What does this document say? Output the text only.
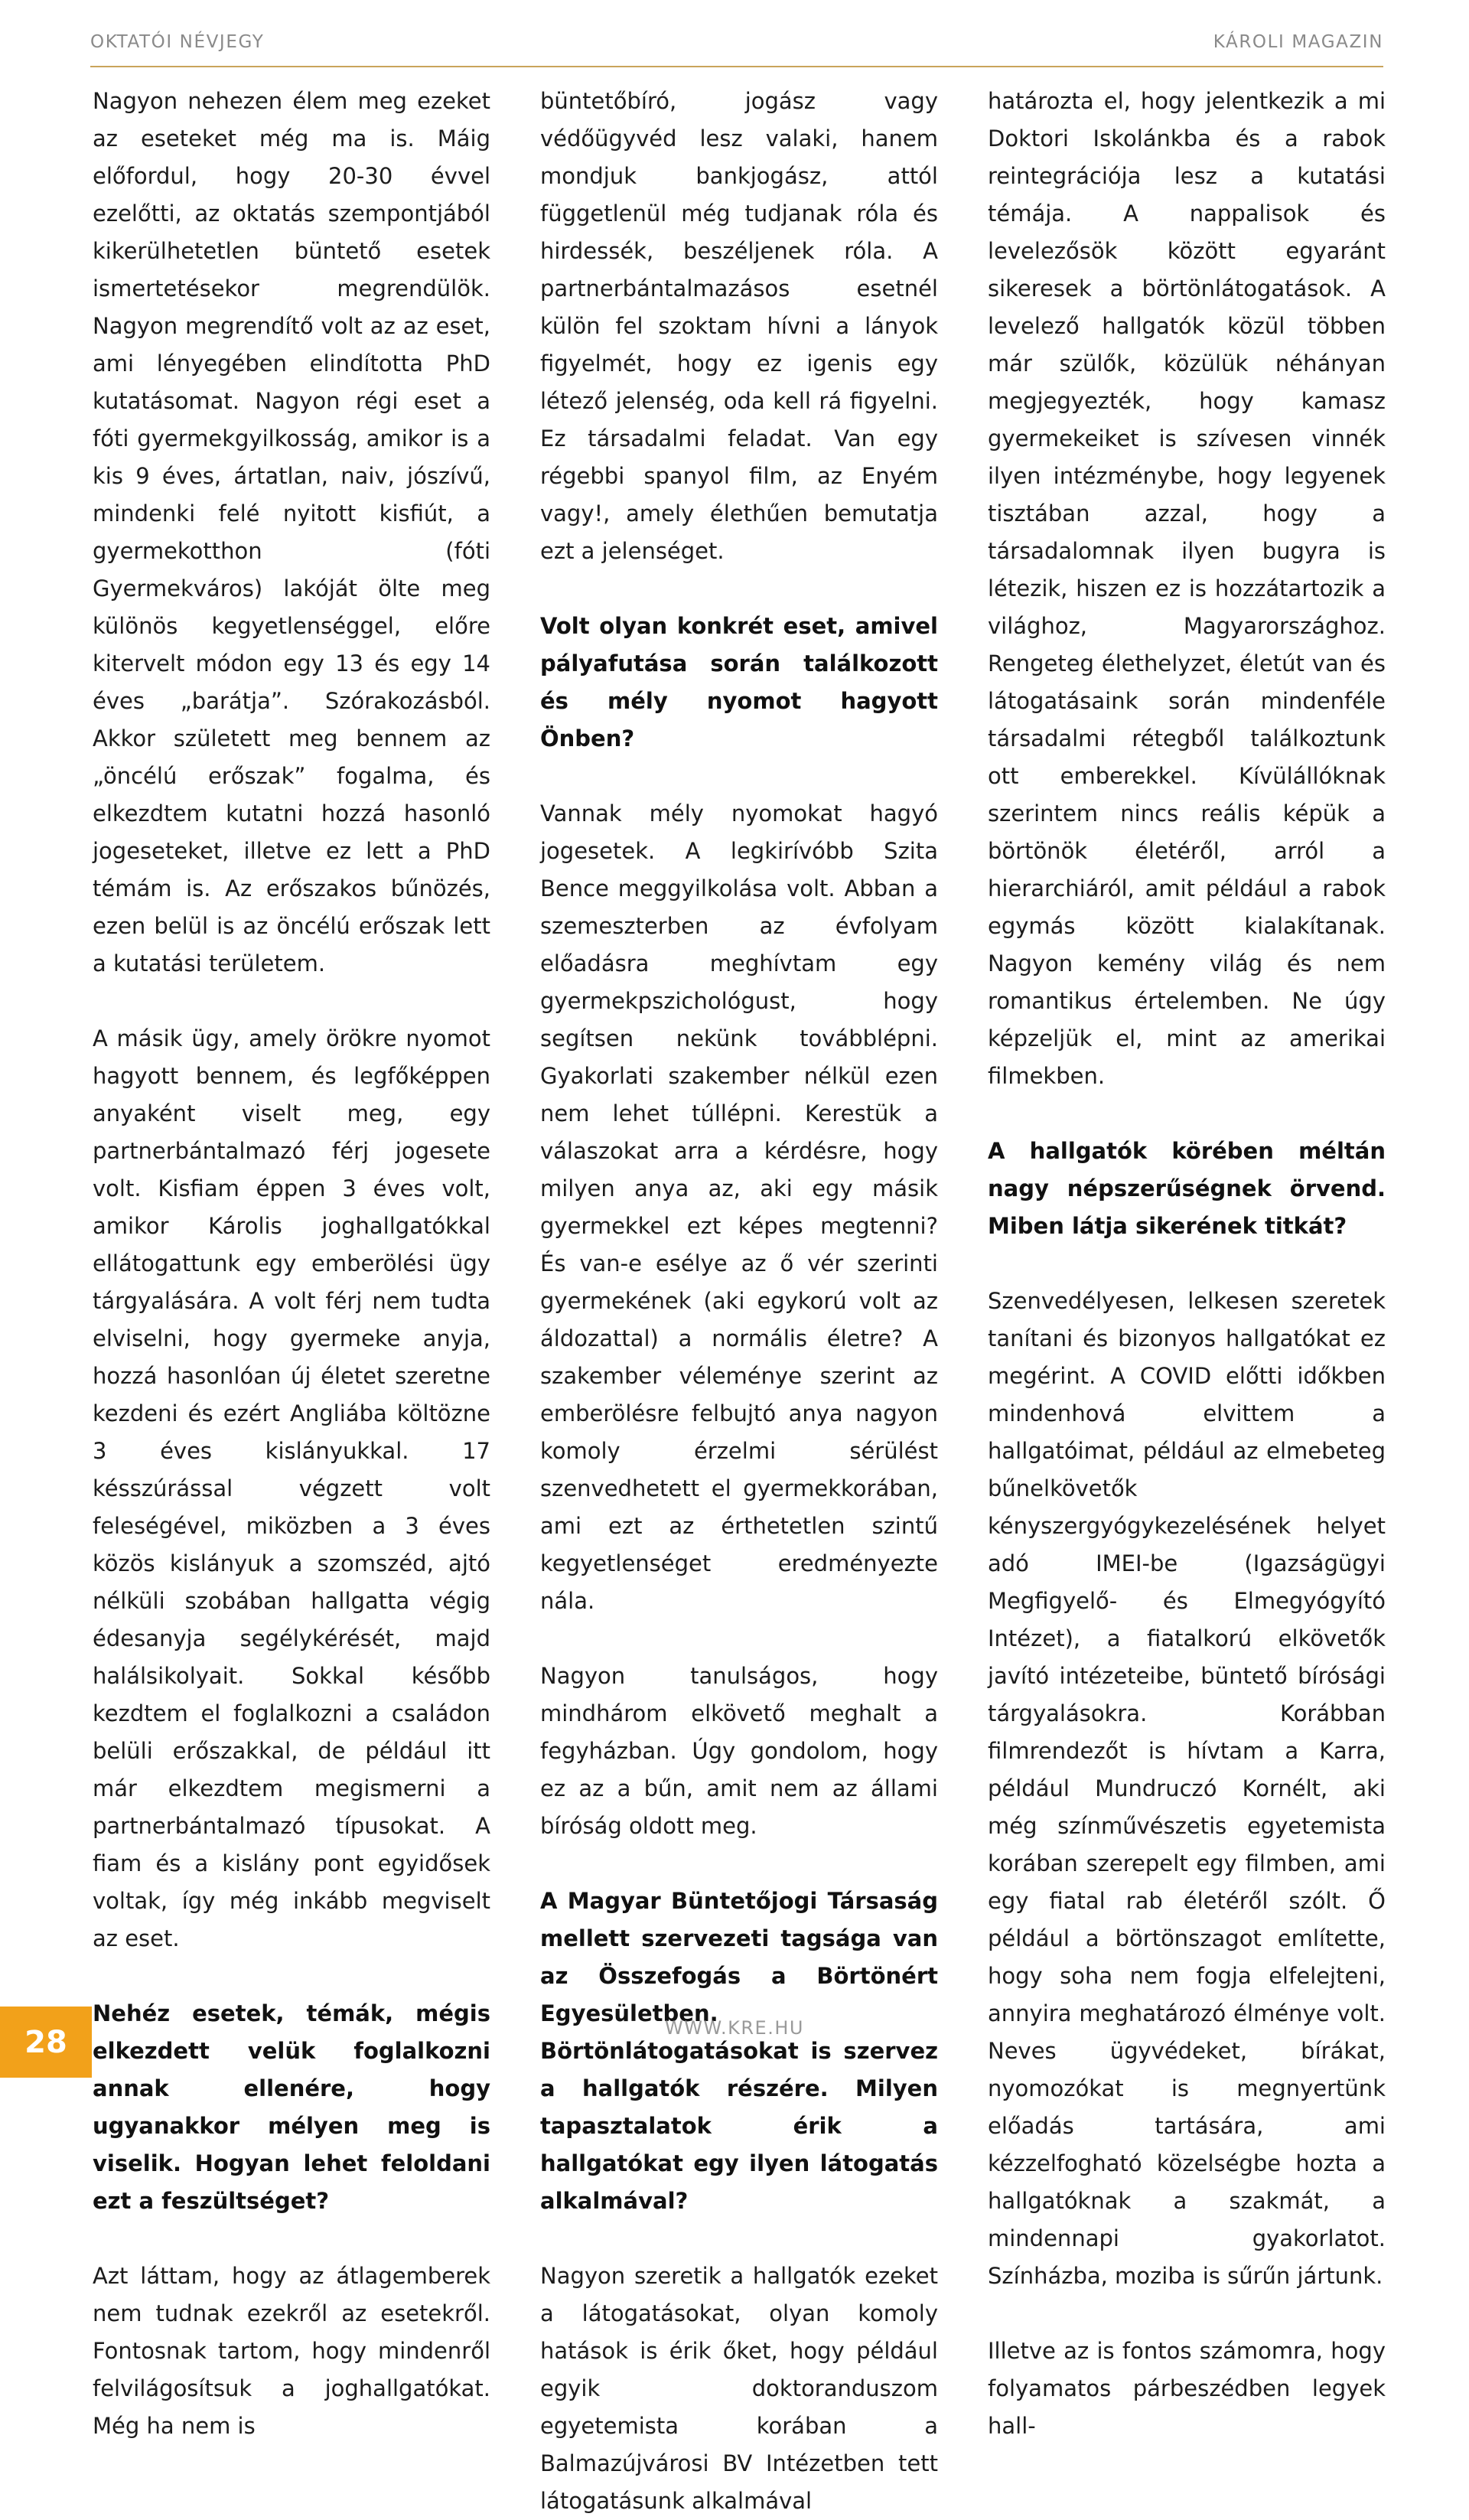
OKTATÓI NÉVJEGY	KÁROLI MAGAZIN

Nagyon nehezen élem meg ezeket az eseteket még ma is. Máig előfordul, hogy 20-30 évvel ezelőtti, az oktatás szempontjából kikerülhetetlen büntető esetek ismertetésekor megrendülök. Nagyon megrendítő volt az az eset, ami lényegében elindította PhD kutatásomat. Nagyon régi eset a fóti gyermekgyilkosság, amikor is a kis 9 éves, ártatlan, naiv, jószívű, mindenki felé nyitott kisfiút, a gyermekotthon (fóti Gyermekváros) lakóját ölte meg különös kegyetlenséggel, előre kitervelt módon egy 13 és egy 14 éves „barátja”. Szórakozásból. Akkor született meg bennem az „öncélú erőszak” fogalma, és elkezdtem kutatni hozzá hasonló jogeseteket, illetve ez lett a PhD témám is. Az erőszakos bűnözés, ezen belül is az öncélú erőszak lett a kutatási területem.

A másik ügy, amely örökre nyomot hagyott bennem, és legfőképpen anyaként viselt meg, egy partnerbántalmazó férj jogesete volt. Kisfiam éppen 3 éves volt, amikor Károlis joghallgatókkal ellátogattunk egy emberölési ügy tárgyalására. A volt férj nem tudta elviselni, hogy gyermeke anyja, hozzá hasonlóan új életet szeretne kezdeni és ezért Angliába költözne 3 éves kislányukkal. 17 késszúrással végzett volt feleségével, miközben a 3 éves közös kislányuk a szomszéd, ajtó nélküli szobában hallgatta végig édesanyja segélykérését, majd halálsikolyait. Sokkal később kezdtem el foglalkozni a családon belüli erőszakkal, de például itt már elkezdtem megismerni a partnerbántalmazó típusokat. A fiam és a kislány pont egyidősek voltak, így még inkább megviselt az eset.

Nehéz esetek, témák, mégis elkezdett velük foglalkozni annak ellenére, hogy ugyanakkor mélyen meg is viselik. Hogyan lehet feloldani ezt a feszültséget?

Azt láttam, hogy az átlagemberek nem tudnak ezekről az esetekről. Fontosnak tartom, hogy mindenről felvilágosítsuk a joghallgatókat. Még ha nem is

büntetőbíró, jogász vagy védőügyvéd lesz valaki, hanem mondjuk bankjogász, attól függetlenül még tudjanak róla és hirdessék, beszéljenek róla. A partnerbántalmazásos esetnél külön fel szoktam hívni a lányok figyelmét, hogy ez igenis egy létező jelenség, oda kell rá figyelni. Ez társadalmi feladat. Van egy régebbi spanyol film, az Enyém vagy!, amely élethűen bemutatja ezt a jelenséget.

Volt olyan konkrét eset, amivel pályafutása során találkozott és mély nyomot hagyott Önben?

Vannak mély nyomokat hagyó jogesetek. A legkirívóbb Szita Bence meggyilkolása volt. Abban a szemeszterben az évfolyam előadásra meghívtam egy gyermekpszichológust, hogy segítsen nekünk továbblépni. Gyakorlati szakember nélkül ezen nem lehet túllépni. Kerestük a válaszokat arra a kérdésre, hogy milyen anya az, aki egy másik gyermekkel ezt képes megtenni? És van-e esélye az ő vér szerinti gyermekének (aki egykorú volt az áldozattal) a normális életre? A szakember véleménye szerint az emberölésre felbujtó anya nagyon komoly érzelmi sérülést szenvedhetett el gyermekkorában, ami ezt az érthetetlen szintű kegyetlenséget eredményezte nála.

Nagyon tanulságos, hogy mindhárom elkövető meghalt a fegyházban. Úgy gondolom, hogy ez az a bűn, amit nem az állami bíróság oldott meg.

A Magyar Büntetőjogi Társaság mellett szervezeti tagsága van az Összefogás a Börtönért Egyesületben. Börtönlátogatásokat is szervez a hallgatók részére. Milyen tapasztalatok érik a hallgatókat egy ilyen látogatás alkalmával?

Nagyon szeretik a hallgatók ezeket a látogatásokat, olyan komoly hatások is érik őket, hogy például egyik doktoranduszom egyetemista korában a Balmazújvárosi BV Intézetben tett látogatásunk alkalmával

határozta el, hogy jelentkezik a mi Doktori Iskolánkba és a rabok reintegrációja lesz a kutatási témája. A nappalisok és levelezősök között egyaránt sikeresek a börtönlátogatások. A levelező hallgatók közül többen már szülők, közülük néhányan megjegyezték, hogy kamasz gyermekeiket is szívesen vinnék ilyen intézménybe, hogy legyenek tisztában azzal, hogy a társadalomnak ilyen bugyra is létezik, hiszen ez is hozzátartozik a világhoz, Magyarországhoz. Rengeteg élethelyzet, életút van és látogatásaink során mindenféle társadalmi rétegből találkoztunk ott emberekkel. Kívülállóknak szerintem nincs reális képük a börtönök életéről, arról a hierarchiáról, amit például a rabok egymás között kialakítanak. Nagyon kemény világ és nem romantikus értelemben. Ne úgy képzeljük el, mint az amerikai filmekben.

A hallgatók körében méltán nagy népszerűségnek örvend. Miben látja sikerének titkát?

Szenvedélyesen, lelkesen szeretek tanítani és bizonyos hallgatókat ez megérint. A COVID előtti időkben mindenhová elvittem a hallgatóimat, például az elmebeteg bűnelkövetők kényszergyógykezelésének helyet adó IMEI-be (Igazságügyi Megfigyelő- és Elmegyógyító Intézet), a fiatalkorú elkövetők javító intézeteibe, büntető bírósági tárgyalásokra. Korábban filmrendezőt is hívtam a Karra, például Mundruczó Kornélt, aki még színművészetis egyetemista korában szerepelt egy filmben, ami egy fiatal rab életéről szólt. Ő például a börtönszagot említette, hogy soha nem fogja elfelejteni, annyira meghatározó élménye volt. Neves ügyvédeket, bírákat, nyomozókat is megnyertünk előadás tartására, ami kézzelfogható közelségbe hozta a hallgatóknak a szakmát, a mindennapi gyakorlatot. Színházba, moziba is sűrűn jártunk.

Illetve az is fontos számomra, hogy folyamatos párbeszédben legyek hall-

WWW.KRE.HU
28
